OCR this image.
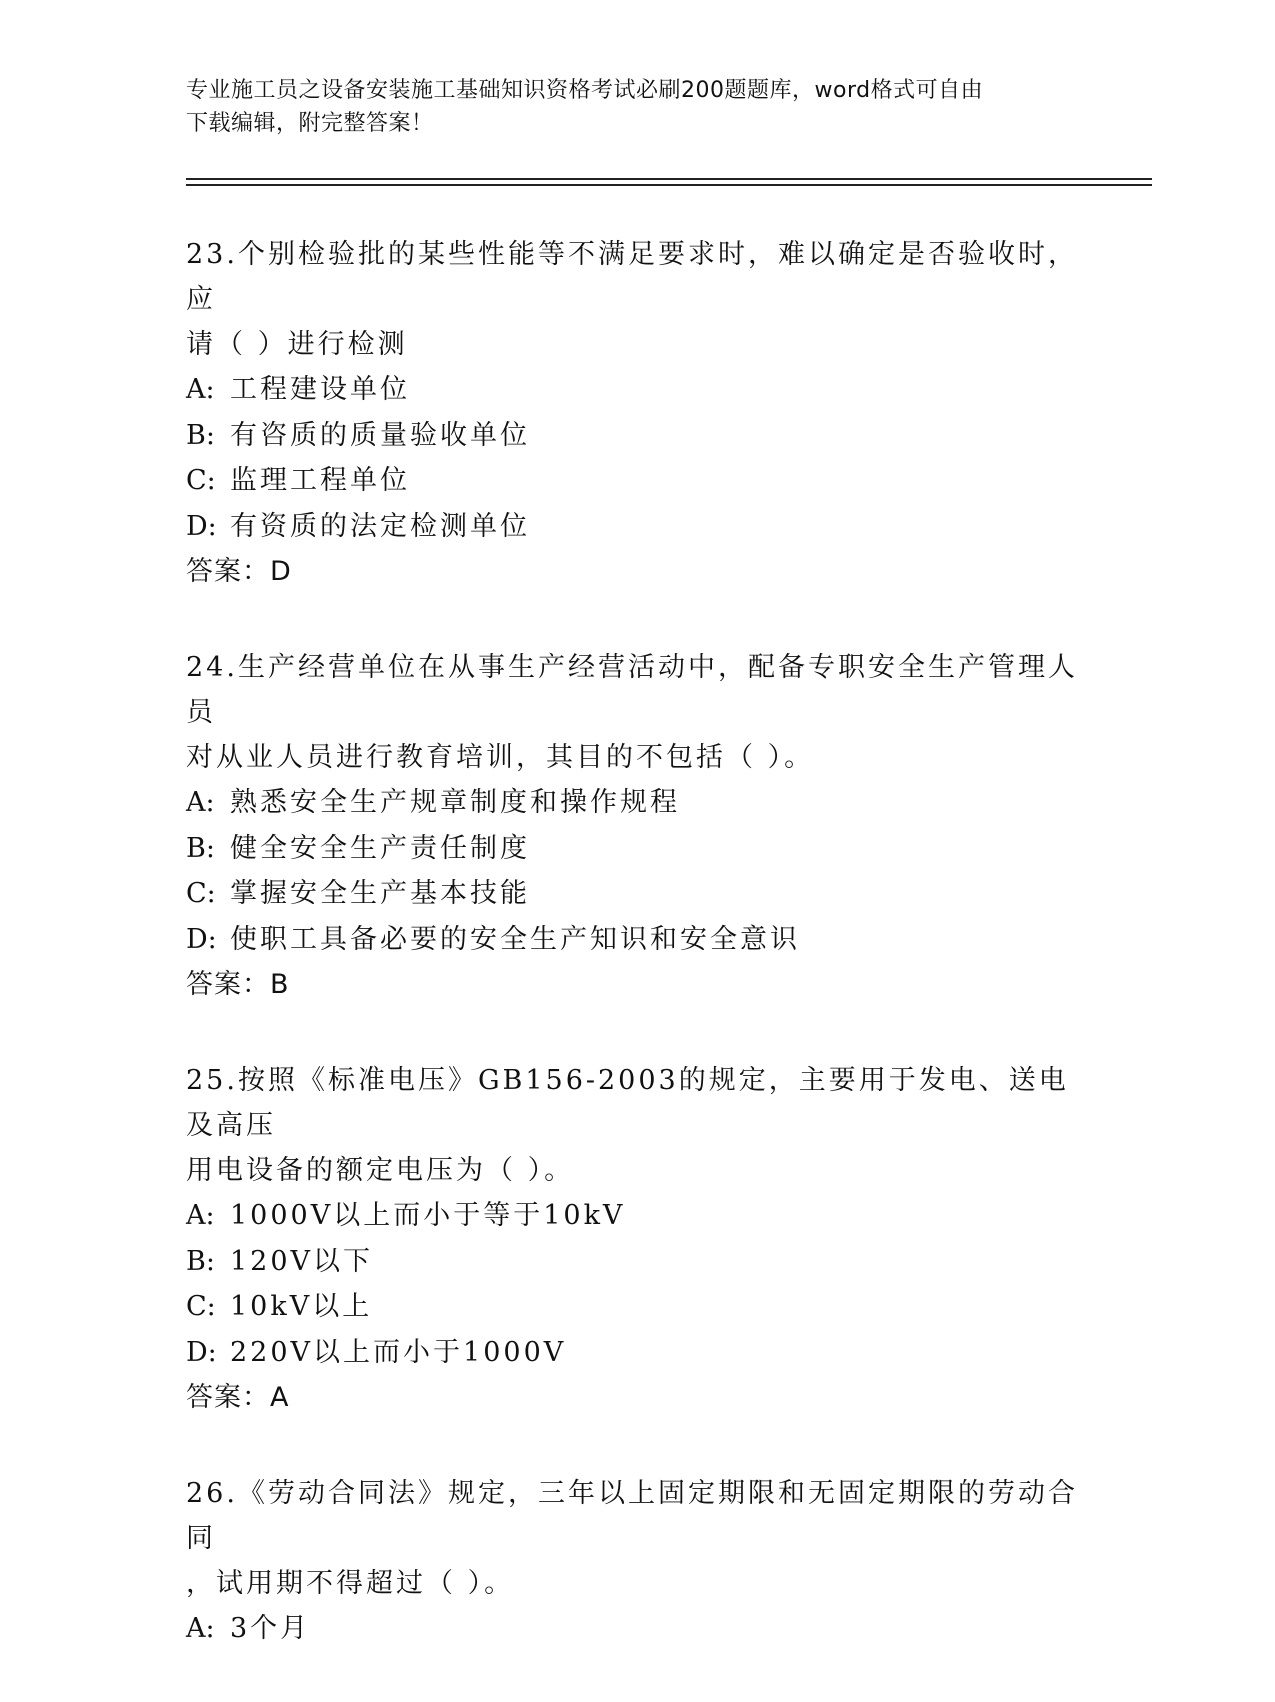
专业施工员之设备安装施工基础知识资格考试必刷200题题库，word格式可自由
下载编辑，附完整答案！

23.个别检验批的某些性能等不满足要求时，难以确定是否验收时，应
请（ ）进行检测

A: 工程建设单位

B: 有咨质的质量验收单位

C: 监理工程单位

D: 有资质的法定检测单位

答案：D

24.生产经营单位在从事生产经营活动中，配备专职安全生产管理人员
对从业人员进行教育培训，其目的不包括（ ）。

A: 熟悉安全生产规章制度和操作规程

B: 健全安全生产责任制度

C: 掌握安全生产基本技能

D: 使职工具备必要的安全生产知识和安全意识

答案：B

25.按照《标准电压》GB156-2003的规定，主要用于发电、送电及高压
用电设备的额定电压为（ ）。

A: 1000V以上而小于等于10kV

B: 120V以下

C: 10kV以上

D: 220V以上而小于1000V

答案：A

26.《劳动合同法》规定，三年以上固定期限和无固定期限的劳动合同
，试用期不得超过（ ）。

A: 3个月
